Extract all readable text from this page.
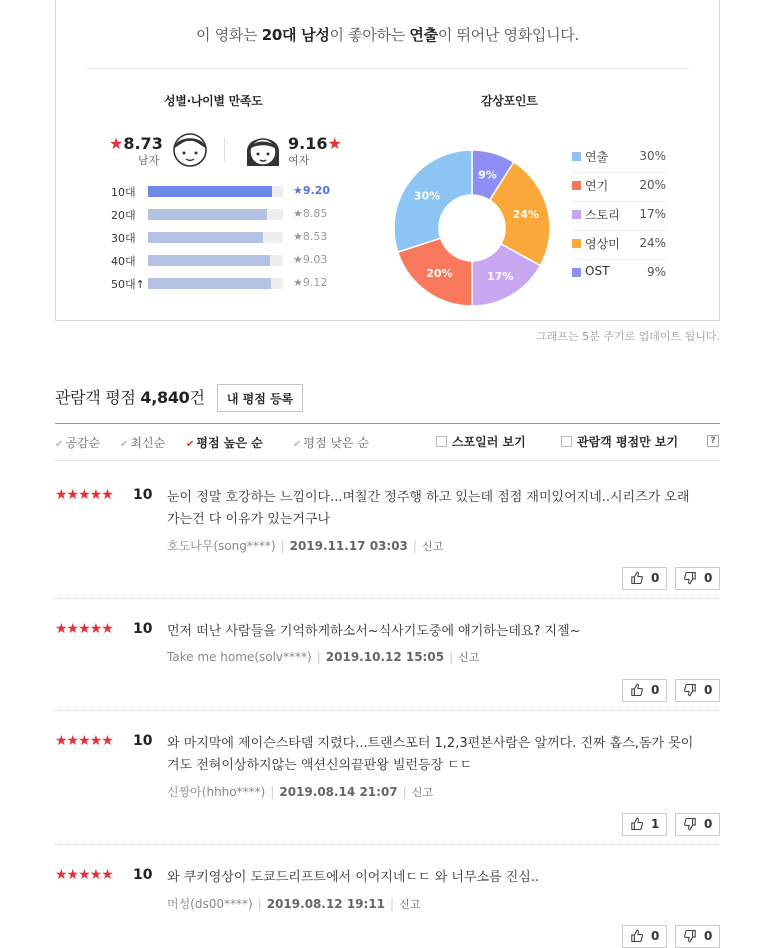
이 영화는 20대 남성이 좋아하는 연출이 뛰어난 영화입니다.
성별·나이별 만족도
★8.73
남자
9.16★
여자
10대	★9.20
20대	★8.85
30대	★8.53
40대	★9.03
50대↑	★9.12
감상포인트
9%
24%
17%
20%
30%
연출	30%
연기	20%
스토리 17%
영상미 24%
OST	9%
그래프는 5분 주기로 업데이트 됩니다.
관람객 평점 4,840건	내 평점 등록
✔ 공감순 ✔ 최신순 ✔ 평점 높은 순	✔ 평점 낮은 순	스포일러 보기	관람객 평점만 보기	?
★★★★★ 10 눈이 정말 호강하는 느낌이다...며칠간 정주행 하고 있는데 점점 재미있어지네..시리즈가 오래가는건 다 이유가 있는거구나
호도나무(song****) | 2019.11.17 03:03 | 신고
0	0
★★★★★ 10 먼저 떠난 사람들을 기억하게하소서~식사기도중에 얘기하는데요? 지젤~
Take me home(solv****) | 2019.10.12 15:05 | 신고
0	0
★★★★★ 10 와 마지막에 제이슨스타뎀 지렸다...트랜스포터 1,2,3편본사람은 알꺼다. 진짜 홉스,돔가 못이겨도 전혀이상하지않는 액션신의끝판왕 빌런등장 ㄷㄷ
신짱아(hhho****) | 2019.08.14 21:07 | 신고
1	0
★★★★★ 10 와 쿠키영상이 도쿄드리프트에서 이어지네ㄷㄷ 와 너무소름 진심..
머성(ds00****) | 2019.08.12 19:11 | 신고
0	0
